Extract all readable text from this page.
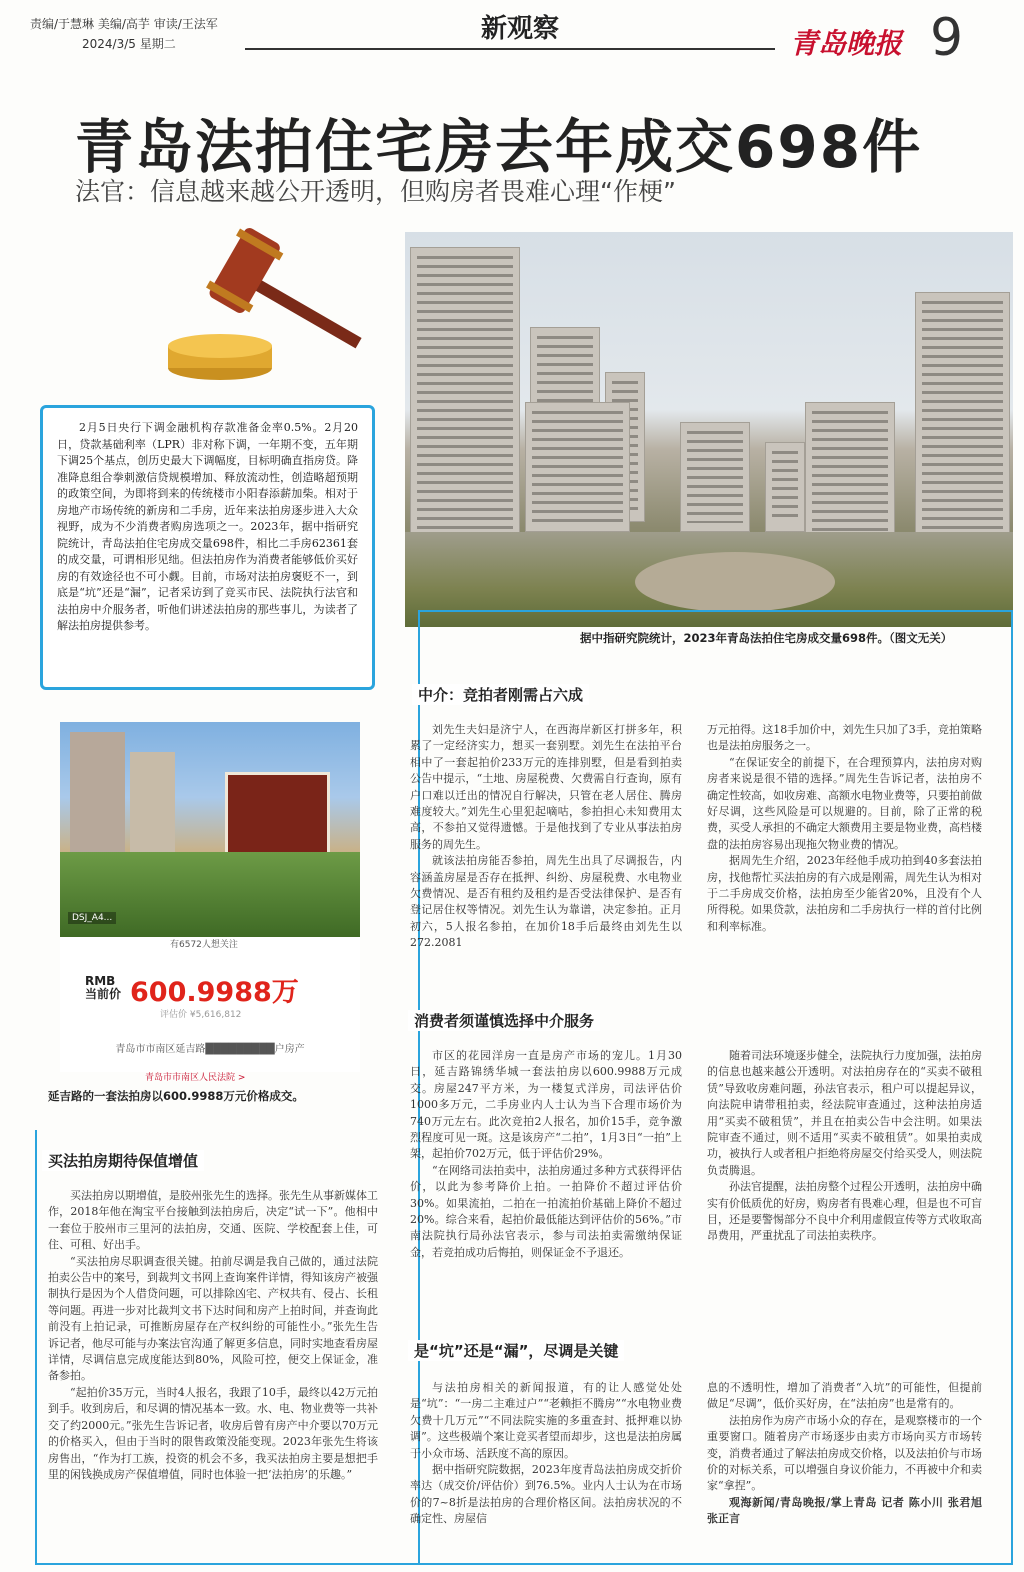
责编/于慧琳 美编/高芋 审读/王法军
2024/3/5 星期二	新观察	青岛晚报 9
青岛法拍住宅房去年成交698件
法官：信息越来越公开透明，但购房者畏难心理“作梗”
2月5日央行下调金融机构存款准备金率0.5%。2月20日，贷款基础利率（LPR）非对称下调，一年期不变，五年期下调25个基点，创历史最大下调幅度，目标明确直指房贷。降准降息组合拳刺激信贷规模增加、释放流动性，创造略超预期的政策空间，为即将到来的传统楼市小阳春添薪加柴。相对于房地产市场传统的新房和二手房，近年来法拍房逐步进入大众视野，成为不少消费者购房选项之一。2023年，据中指研究院统计，青岛法拍住宅房成交量698件，相比二手房62361套的成交量，可谓相形见绌。但法拍房作为消费者能够低价买好房的有效途径也不可小觑。目前，市场对法拍房褒贬不一，到底是“坑”还是“漏”，记者采访到了竞买市民、法院执行法官和法拍房中介服务者，听他们讲述法拍房的那些事儿，为读者了解法拍房提供参考。
据中指研究院统计，2023年青岛法拍住宅房成交量698件。（图文无关）
DSJ_A4...
有6572人想关注
RMB
当前价 600.9988万
评估价 ¥5,616,812
青岛市市南区延吉路█████████户房产
青岛市市南区人民法院 >
延吉路的一套法拍房以600.9988万元价格成交。
中介：竞拍者刚需占六成

刘先生夫妇是济宁人，在西海岸新区打拼多年，积累了一定经济实力，想买一套别墅。刘先生在法拍平台相中了一套起拍价233万元的连排别墅，但是看到拍卖公告中提示，“土地、房屋税费、欠费需自行查询，原有户口难以迁出的情况自行解决，只管在老人居住、腾房难度较大。”刘先生心里犯起嘀咕，参拍担心未知费用太高，不参拍又觉得遗憾。于是他找到了专业从事法拍房服务的周先生。

就该法拍房能否参拍，周先生出具了尽调报告，内容涵盖房屋是否存在抵押、纠纷、房屋税费、水电物业欠费情况、是否有租约及租约是否受法律保护、是否有登记居住权等情况。刘先生认为靠谱，决定参拍。正月初六，5人报名参拍，在加价18手后最终由刘先生以272.2081

万元拍得。这18手加价中，刘先生只加了3手，竞拍策略也是法拍房服务之一。

“在保证安全的前提下，在合理预算内，法拍房对购房者来说是很不错的选择。”周先生告诉记者，法拍房不确定性较高，如收房难、高额水电物业费等，只要拍前做好尽调，这些风险是可以规避的。目前，除了正常的税费，买受人承担的不确定大额费用主要是物业费，高档楼盘的法拍房容易出现拖欠物业费的情况。

据周先生介绍，2023年经他手成功拍到40多套法拍房，找他帮忙买法拍房的有六成是刚需，周先生认为相对于二手房成交价格，法拍房至少能省20%，且没有个人所得税。如果贷款，法拍房和二手房执行一样的首付比例和利率标准。

消费者须谨慎选择中介服务

市区的花园洋房一直是房产市场的宠儿。1月30日，延吉路锦绣华城一套法拍房以600.9988万元成交。房屋247平方米，为一楼复式洋房，司法评估价1000多万元，二手房业内人士认为当下合理市场价为740万元左右。此次竞拍2人报名，加价15手，竞争激烈程度可见一斑。这是该房产“二拍”，1月3日“一拍”上架，起拍价702万元，低于评估价29%。

“在网络司法拍卖中，法拍房通过多种方式获得评估价，以此为参考降价上拍。一拍降价不超过评估价30%。如果流拍，二拍在一拍流拍价基础上降价不超过20%。综合来看，起拍价最低能达到评估价的56%。”市南法院执行局孙法官表示，参与司法拍卖需缴纳保证金，若竞拍成功后悔拍，则保证金不予退还。

随着司法环境逐步健全，法院执行力度加强，法拍房的信息也越来越公开透明。对法拍房存在的“买卖不破租赁”导致收房难问题，孙法官表示，租户可以提起异议，向法院申请带租拍卖，经法院审查通过，这种法拍房适用“买卖不破租赁”，并且在拍卖公告中会注明。如果法院审查不通过，则不适用“买卖不破租赁”。如果拍卖成功，被执行人或者租户拒绝将房屋交付给买受人，则法院负责腾退。

孙法官提醒，法拍房整个过程公开透明，法拍房中确实有价低质优的好房，购房者有畏难心理，但是也不可盲目，还是要警惕部分不良中介利用虚假宣传等方式收取高昂费用，严重扰乱了司法拍卖秩序。

是“坑”还是“漏”，尽调是关键

与法拍房相关的新闻报道，有的让人感觉处处是“坑”：“一房二主难过户”“老赖拒不腾房”“水电物业费欠费十几万元”“不同法院实施的多重查封、抵押难以协调”。这些极端个案让竞买者望而却步，这也是法拍房属于小众市场、活跃度不高的原因。

据中指研究院数据，2023年度青岛法拍房成交折价率达（成交价/评估价）到76.5%。业内人士认为在市场价的7~8折是法拍房的合理价格区间。法拍房状况的不确定性、房屋信

息的不透明性，增加了消费者“入坑”的可能性，但提前做足“尽调”，低价买好房，在“法拍房”也是常有的。

法拍房作为房产市场小众的存在，是观察楼市的一个重要窗口。随着房产市场逐步由卖方市场向买方市场转变，消费者通过了解法拍房成交价格，以及法拍价与市场价的对标关系，可以增强自身议价能力，不再被中介和卖家“拿捏”。

观海新闻/青岛晚报/掌上青岛 记者 陈小川 张君旭 张正言

买法拍房期待保值增值

买法拍房以期增值，是胶州张先生的选择。张先生从事新媒体工作，2018年他在淘宝平台接触到法拍房后，决定“试一下”。他相中一套位于胶州市三里河的法拍房，交通、医院、学校配套上佳，可住、可租、好出手。

“买法拍房尽职调查很关键。拍前尽调是我自己做的，通过法院拍卖公告中的案号，到裁判文书网上查询案件详情，得知该房产被强制执行是因为个人借贷问题，可以排除凶宅、产权共有、侵占、长租等问题。再进一步对比裁判文书下达时间和房产上拍时间，并查询此前没有上拍记录，可推断房屋存在产权纠纷的可能性小。”张先生告诉记者，他尽可能与办案法官沟通了解更多信息，同时实地查看房屋详情，尽调信息完成度能达到80%，风险可控，便交上保证金，准备参拍。

“起拍价35万元，当时4人报名，我跟了10手，最终以42万元拍到手。收到房后，和尽调的情况基本一致。水、电、物业费等一共补交了约2000元。”张先生告诉记者，收房后曾有房产中介要以70万元的价格买入，但由于当时的限售政策没能变现。2023年张先生将该房售出，“作为打工族，投资的机会不多，我买法拍房主要是想把手里的闲钱换成房产保值增值，同时也体验一把‘法拍房’的乐趣。”
